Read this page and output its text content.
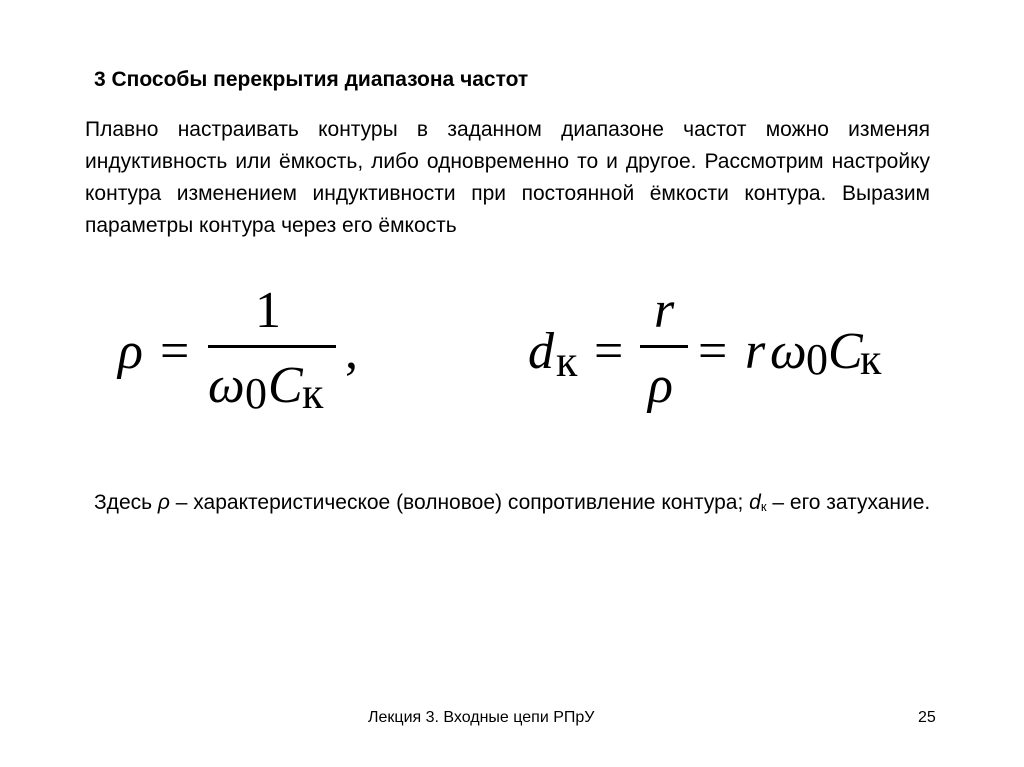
3 Способы перекрытия диапазона частот

Плавно настраивать контуры в заданном диапазоне частот можно изменяя индуктивность или ёмкость, либо одновременно то и другое. Рассмотрим настройку контура изменением индуктивности при постоянной ёмкости контура. Выразим параметры контура через его ёмкость

ρ =
1
ω 0 C к
,	d к =
r
ρ
= r ω 0 C
к

Здесь ρ – характеристическое (волновое) сопротивление контура; dк – его затухание.

Лекция 3. Входные цепи РПрУ	25
